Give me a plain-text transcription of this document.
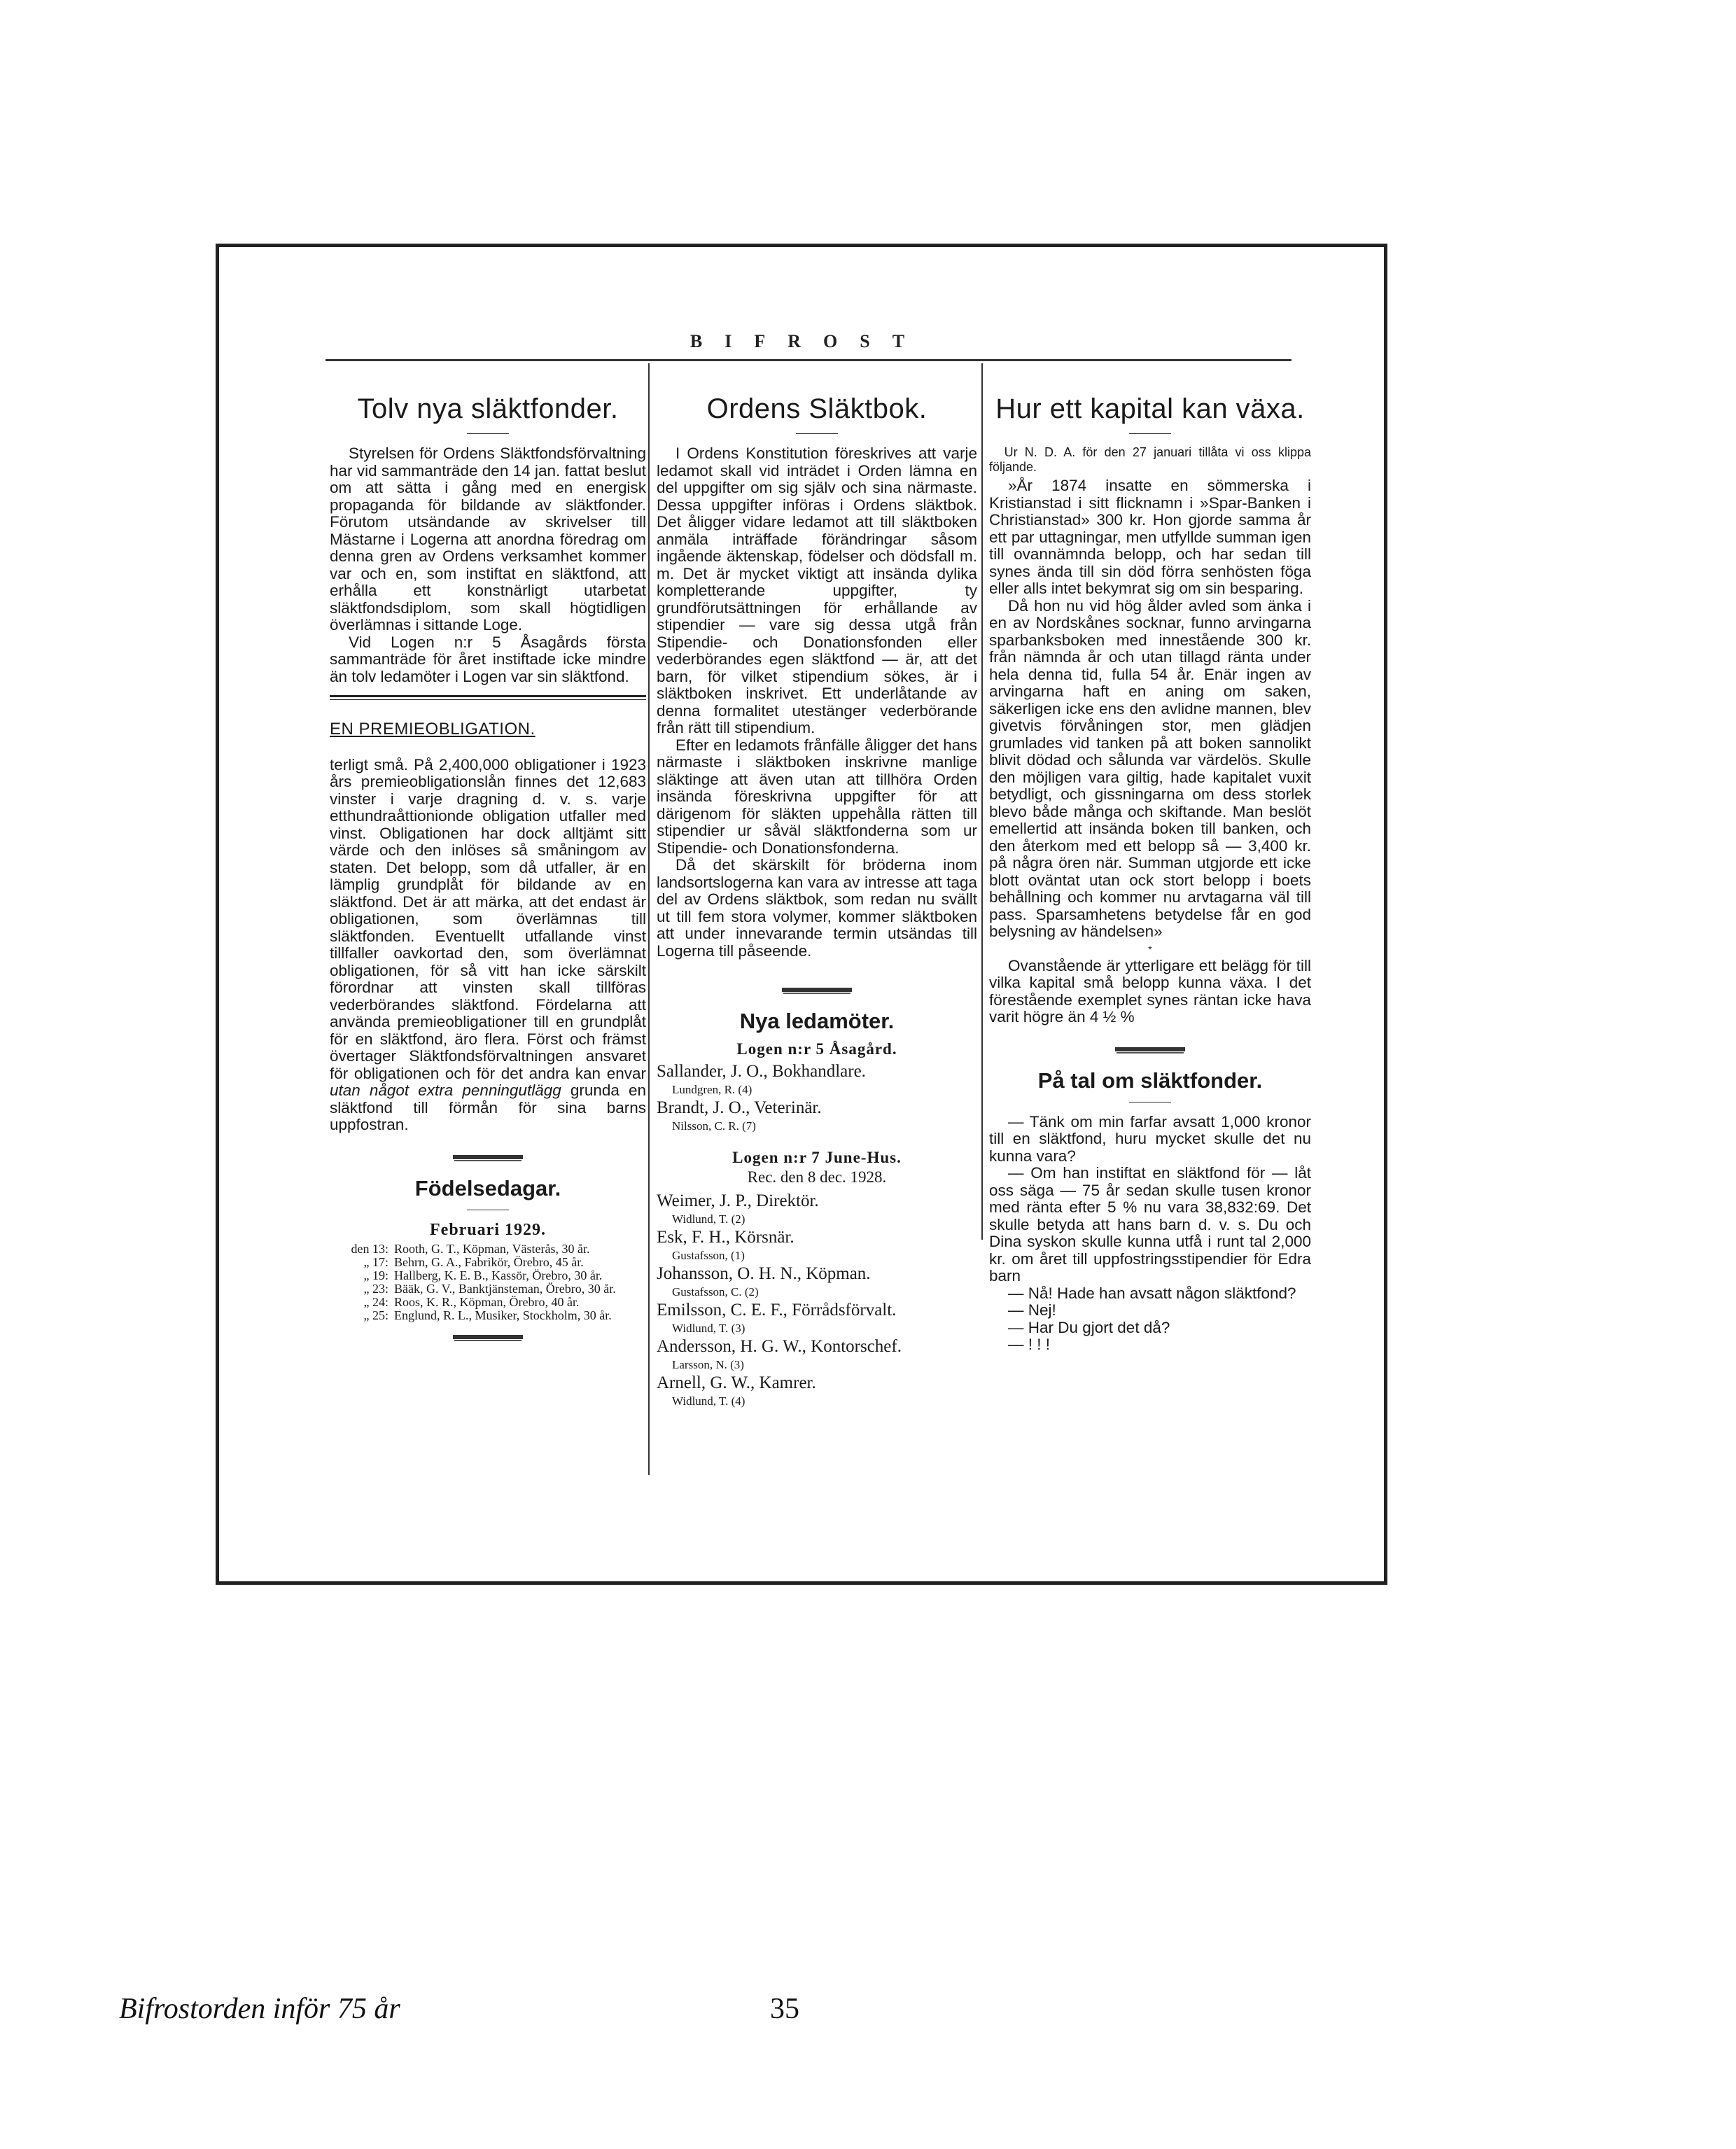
BIFROST
Tolv nya släktfonder.

Styrelsen för Ordens Släktfondsförvaltning har vid sammanträde den 14 jan. fattat beslut om att sätta i gång med en energisk propaganda för bildande av släktfonder. Förutom utsändande av skrivelser till Mästarne i Logerna att anordna föredrag om denna gren av Ordens verksamhet kommer var och en, som instiftat en släktfond, att erhålla ett konstnärligt utarbetat släktfondsdiplom, som skall högtidligen överlämnas i sittande Loge.

Vid Logen n:r 5 Åsagårds första sammanträde för året instiftade icke mindre än tolv ledamöter i Logen var sin släktfond.

EN PREMIEOBLIGATION.

terligt små. På 2,400,000 obligationer i 1923 års premieobligationslån finnes det 12,683 vinster i varje dragning d. v. s. varje etthundraåttionionde obligation utfaller med vinst. Obligationen har dock alltjämt sitt värde och den inlöses så småningom av staten. Det belopp, som då utfaller, är en lämplig grundplåt för bildande av en släktfond. Det är att märka, att det endast är obligationen, som överlämnas till släktfonden. Eventuellt utfallande vinst tillfaller oavkortad den, som överlämnat obligationen, för så vitt han icke särskilt förordnar att vinsten skall tillföras vederbörandes släktfond. Fördelarna att använda premieobligationer till en grundplåt för en släktfond, äro flera. Först och främst övertager Släktfondsförvaltningen ansvaret för obligationen och för det andra kan envar utan något extra penningutlägg grunda en släktfond till förmån för sina barns uppfostran.

Födelsedagar.
Februari 1929.
den 13: Rooth, G. T., Köpman, Västerås, 30 år.
„ 17: Behrn, G. A., Fabrikör, Örebro, 45 år.
„ 19: Hallberg, K. E. B., Kassör, Örebro, 30 år.
„ 23: Bääk, G. V., Banktjänsteman, Örebro, 30 år.
„ 24: Roos, K. R., Köpman, Örebro, 40 år.
„ 25: Englund, R. L., Musiker, Stockholm, 30 år.
Ordens Släktbok.

I Ordens Konstitution föreskrives att varje ledamot skall vid inträdet i Orden lämna en del uppgifter om sig själv och sina närmaste. Dessa uppgifter införas i Ordens släktbok. Det åligger vidare ledamot att till släktboken anmäla inträffade förändringar såsom ingående äktenskap, födelser och dödsfall m. m. Det är mycket viktigt att insända dylika kompletterande uppgifter, ty grundförutsättningen för erhållande av stipendier — vare sig dessa utgå från Stipendie- och Donationsfonden eller vederbörandes egen släktfond — är, att det barn, för vilket stipendium sökes, är i släktboken inskrivet. Ett underlåtande av denna formalitet utestänger vederbörande från rätt till stipendium.

Efter en ledamots frånfälle åligger det hans närmaste i släktboken inskrivne manlige släktinge att även utan att tillhöra Orden insända föreskrivna uppgifter för att därigenom för släkten uppehålla rätten till stipendier ur såväl släktfonderna som ur Stipendie- och Donationsfonderna.

Då det skärskilt för bröderna inom landsortslogerna kan vara av intresse att taga del av Ordens släktbok, som redan nu svällt ut till fem stora volymer, kommer släktboken att under innevarande termin utsändas till Logerna till påseende.

Nya ledamöter.
Logen n:r 5 Åsagård.
Sallander, J. O., Bokhandlare.
Lundgren, R. (4)
Brandt, J. O., Veterinär.
Nilsson, C. R. (7)
Logen n:r 7 June-Hus.
Rec. den 8 dec. 1928.
Weimer, J. P., Direktör.
Widlund, T. (2)
Esk, F. H., Körsnär.
Gustafsson, (1)
Johansson, O. H. N., Köpman.
Gustafsson, C. (2)
Emilsson, C. E. F., Förrådsförvalt.
Widlund, T. (3)
Andersson, H. G. W., Kontorschef.
Larsson, N. (3)
Arnell, G. W., Kamrer.
Widlund, T. (4)
Hur ett kapital kan växa.

Ur N. D. A. för den 27 januari tillåta vi oss klippa följande.

»År 1874 insatte en sömmerska i Kristianstad i sitt flicknamn i »Spar-Banken i Christianstad» 300 kr. Hon gjorde samma år ett par uttagningar, men utfyllde summan igen till ovannämnda belopp, och har sedan till synes ända till sin död förra senhösten föga eller alls intet bekymrat sig om sin besparing.

Då hon nu vid hög ålder avled som änka i en av Nordskånes socknar, funno arvingarna sparbanksboken med innestående 300 kr. från nämnda år och utan tillagd ränta under hela denna tid, fulla 54 år. Enär ingen av arvingarna haft en aning om saken, säkerligen icke ens den avlidne mannen, blev givetvis förvåningen stor, men glädjen grumlades vid tanken på att boken sannolikt blivit dödad och sålunda var värdelös. Skulle den möjligen vara giltig, hade kapitalet vuxit betydligt, och gissningarna om dess storlek blevo både många och skiftande. Man beslöt emellertid att insända boken till banken, och den återkom med ett belopp så — 3,400 kr. på några ören när. Summan utgjorde ett icke blott oväntat utan ock stort belopp i boets behållning och kommer nu arvtagarna väl till pass. Sparsamhetens betydelse får en god belysning av händelsen»

*

Ovanstående är ytterligare ett belägg för till vilka kapital små belopp kunna växa. I det förestående exemplet synes räntan icke hava varit högre än 4 ½ %

På tal om släktfonder.

— Tänk om min farfar avsatt 1,000 kronor till en släktfond, huru mycket skulle det nu kunna vara?

— Om han instiftat en släktfond för — låt oss säga — 75 år sedan skulle tusen kronor med ränta efter 5 % nu vara 38,832:69. Det skulle betyda att hans barn d. v. s. Du och Dina syskon skulle kunna utfå i runt tal 2,000 kr. om året till uppfostringsstipendier för Edra barn

— Nå! Hade han avsatt någon släktfond?

— Nej!

— Har Du gjort det då?

— ! ! !

Bifrostorden inför 75 år	35
